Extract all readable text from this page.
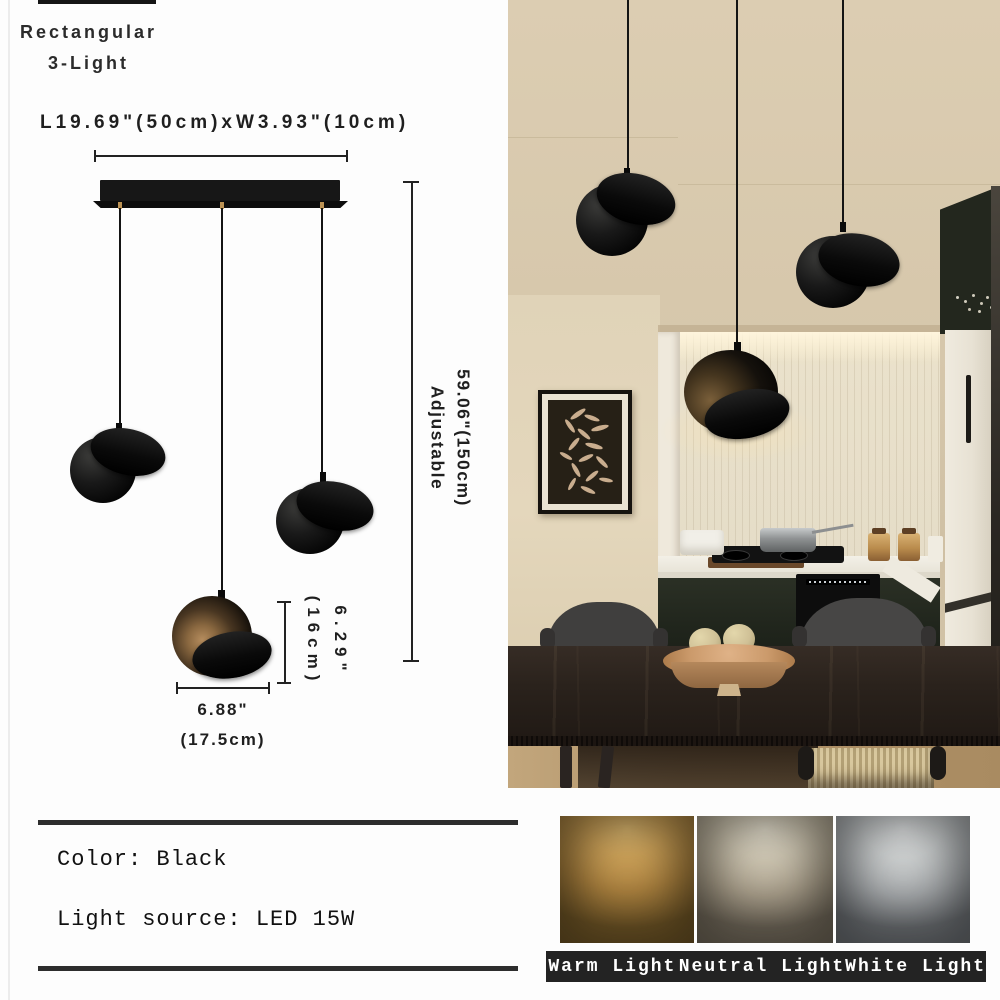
Rectangular
3-Light
L19.69"(50cm)xW3.93"(10cm)
59.06"(150cm)
Adjustable
6.29"
(16cm)
6.88"
(17.5cm)
Color: Black
Light source: LED 15W
Warm Light Neutral Light White Light
